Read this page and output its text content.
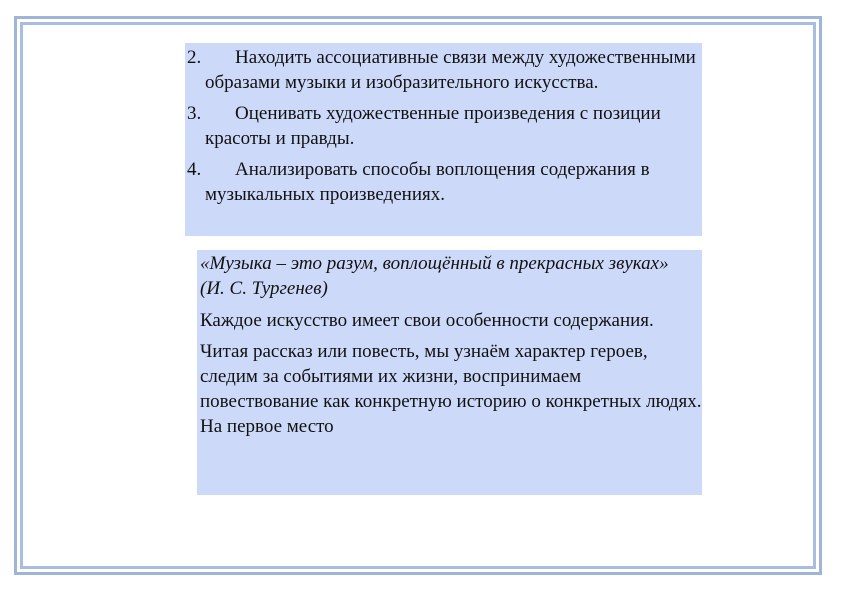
2.	Находить ассоциативные связи между художественными образами музыки и изобразительного искусства.
3.	Оценивать художественные произведения с позиции красоты и правды.
4.	Анализировать способы воплощения содержания в музыкальных произведениях.

«Музыка – это разум, воплощённый в прекрасных звуках»

(И. С. Тургенев)

Каждое искусство имеет свои особенности содержания.

Читая рассказ или повесть, мы узнаём характер героев, следим за событиями их жизни, воспринимаем повествование как конкретную историю о конкретных людях. На первое место
